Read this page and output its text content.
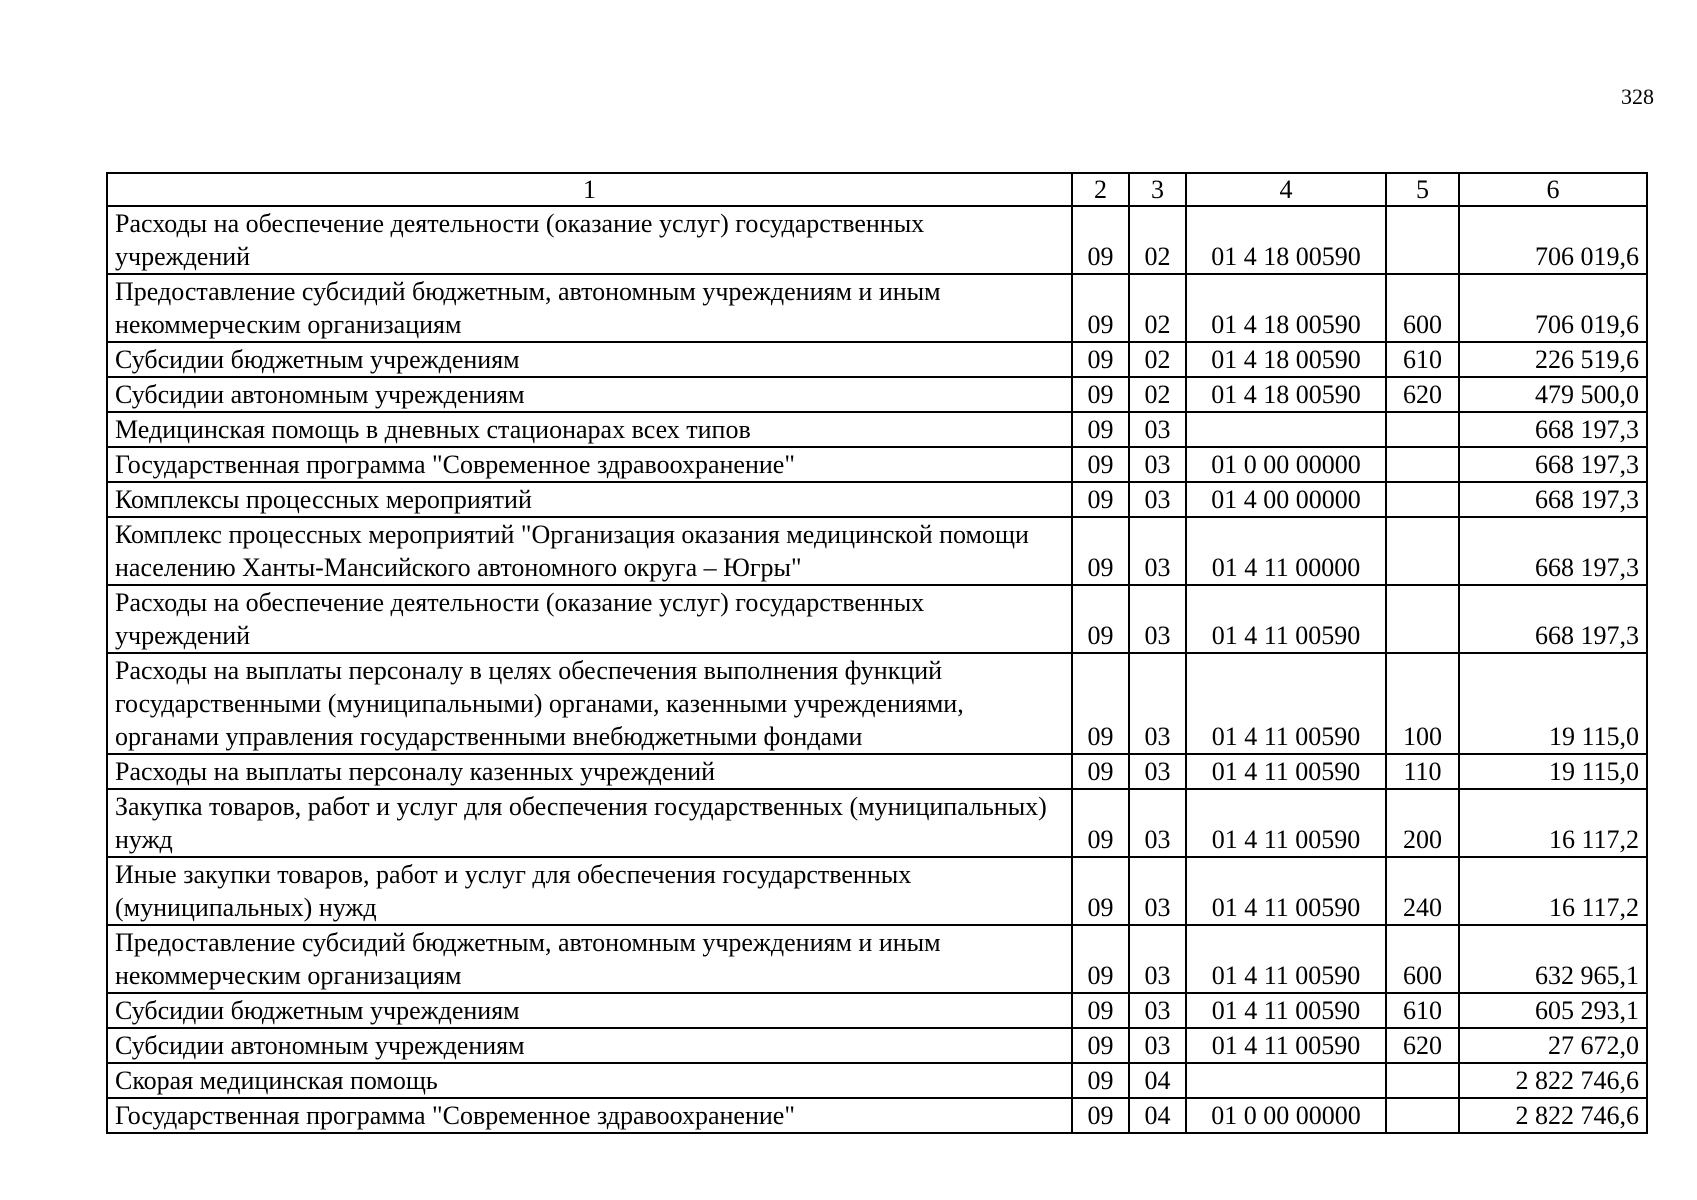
328
1	2	3	4	5	6
Расходы на обеспечение деятельности (оказание услуг) государственных учреждений	09	02	01 4 18 00590		706 019,6
Предоставление субсидий бюджетным, автономным учреждениям и иным некоммерческим организациям	09	02	01 4 18 00590	600	706 019,6
Субсидии бюджетным учреждениям	09	02	01 4 18 00590	610	226 519,6
Субсидии автономным учреждениям	09	02	01 4 18 00590	620	479 500,0
Медицинская помощь в дневных стационарах всех типов	09	03			668 197,3
Государственная программа "Современное здравоохранение"	09	03	01 0 00 00000		668 197,3
Комплексы процессных мероприятий	09	03	01 4 00 00000		668 197,3
Комплекс процессных мероприятий "Организация оказания медицинской помощи населению Ханты-Мансийского автономного округа – Югры"	09	03	01 4 11 00000		668 197,3
Расходы на обеспечение деятельности (оказание услуг) государственных учреждений	09	03	01 4 11 00590		668 197,3
Расходы на выплаты персоналу в целях обеспечения выполнения функций государственными (муниципальными) органами, казенными учреждениями, органами управления государственными внебюджетными фондами	09	03	01 4 11 00590	100	19 115,0
Расходы на выплаты персоналу казенных учреждений	09	03	01 4 11 00590	110	19 115,0
Закупка товаров, работ и услуг для обеспечения государственных (муниципальных) нужд	09	03	01 4 11 00590	200	16 117,2
Иные закупки товаров, работ и услуг для обеспечения государственных (муниципальных) нужд	09	03	01 4 11 00590	240	16 117,2
Предоставление субсидий бюджетным, автономным учреждениям и иным некоммерческим организациям	09	03	01 4 11 00590	600	632 965,1
Субсидии бюджетным учреждениям	09	03	01 4 11 00590	610	605 293,1
Субсидии автономным учреждениям	09	03	01 4 11 00590	620	27 672,0
Скорая медицинская помощь	09	04			2 822 746,6
Государственная программа "Современное здравоохранение"	09	04	01 0 00 00000		2 822 746,6
